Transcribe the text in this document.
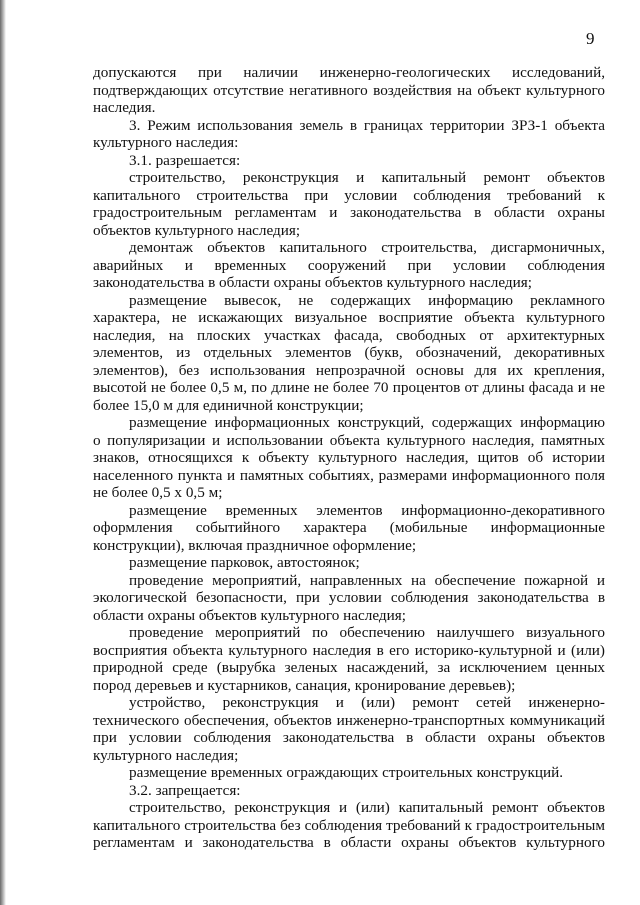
9
допускаются при наличии инженерно-геологических исследований,
подтверждающих отсутствие негативного воздействия на объект культурного
наследия.
3. Режим использования земель в границах территории ЗРЗ-1 объекта
культурного наследия:
3.1. разрешается:
строительство, реконструкция и капитальный ремонт объектов
капитального строительства при условии соблюдения требований к
градостроительным регламентам и законодательства в области охраны
объектов культурного наследия;
демонтаж объектов капитального строительства, дисгармоничных,
аварийных и временных сооружений при условии соблюдения
законодательства в области охраны объектов культурного наследия;
размещение вывесок, не содержащих информацию рекламного
характера, не искажающих визуальное восприятие объекта культурного
наследия, на плоских участках фасада, свободных от архитектурных
элементов, из отдельных элементов (букв, обозначений, декоративных
элементов), без использования непрозрачной основы для их крепления,
высотой не более 0,5 м, по длине не более 70 процентов от длины фасада и не
более 15,0 м для единичной конструкции;
размещение информационных конструкций, содержащих информацию
о популяризации и использовании объекта культурного наследия, памятных
знаков, относящихся к объекту культурного наследия, щитов об истории
населенного пункта и памятных событиях, размерами информационного поля
не более 0,5 х 0,5 м;
размещение временных элементов информационно-декоративного
оформления событийного характера (мобильные информационные
конструкции), включая праздничное оформление;
размещение парковок, автостоянок;
проведение мероприятий, направленных на обеспечение пожарной и
экологической безопасности, при условии соблюдения законодательства в
области охраны объектов культурного наследия;
проведение мероприятий по обеспечению наилучшего визуального
восприятия объекта культурного наследия в его историко-культурной и (или)
природной среде (вырубка зеленых насаждений, за исключением ценных
пород деревьев и кустарников, санация, кронирование деревьев);
устройство, реконструкция и (или) ремонт сетей инженерно-
технического обеспечения, объектов инженерно-транспортных коммуникаций
при условии соблюдения законодательства в области охраны объектов
культурного наследия;
размещение временных ограждающих строительных конструкций.
3.2. запрещается:
строительство, реконструкция и (или) капитальный ремонт объектов
капитального строительства без соблюдения требований к градостроительным
регламентам и законодательства в области охраны объектов культурного
